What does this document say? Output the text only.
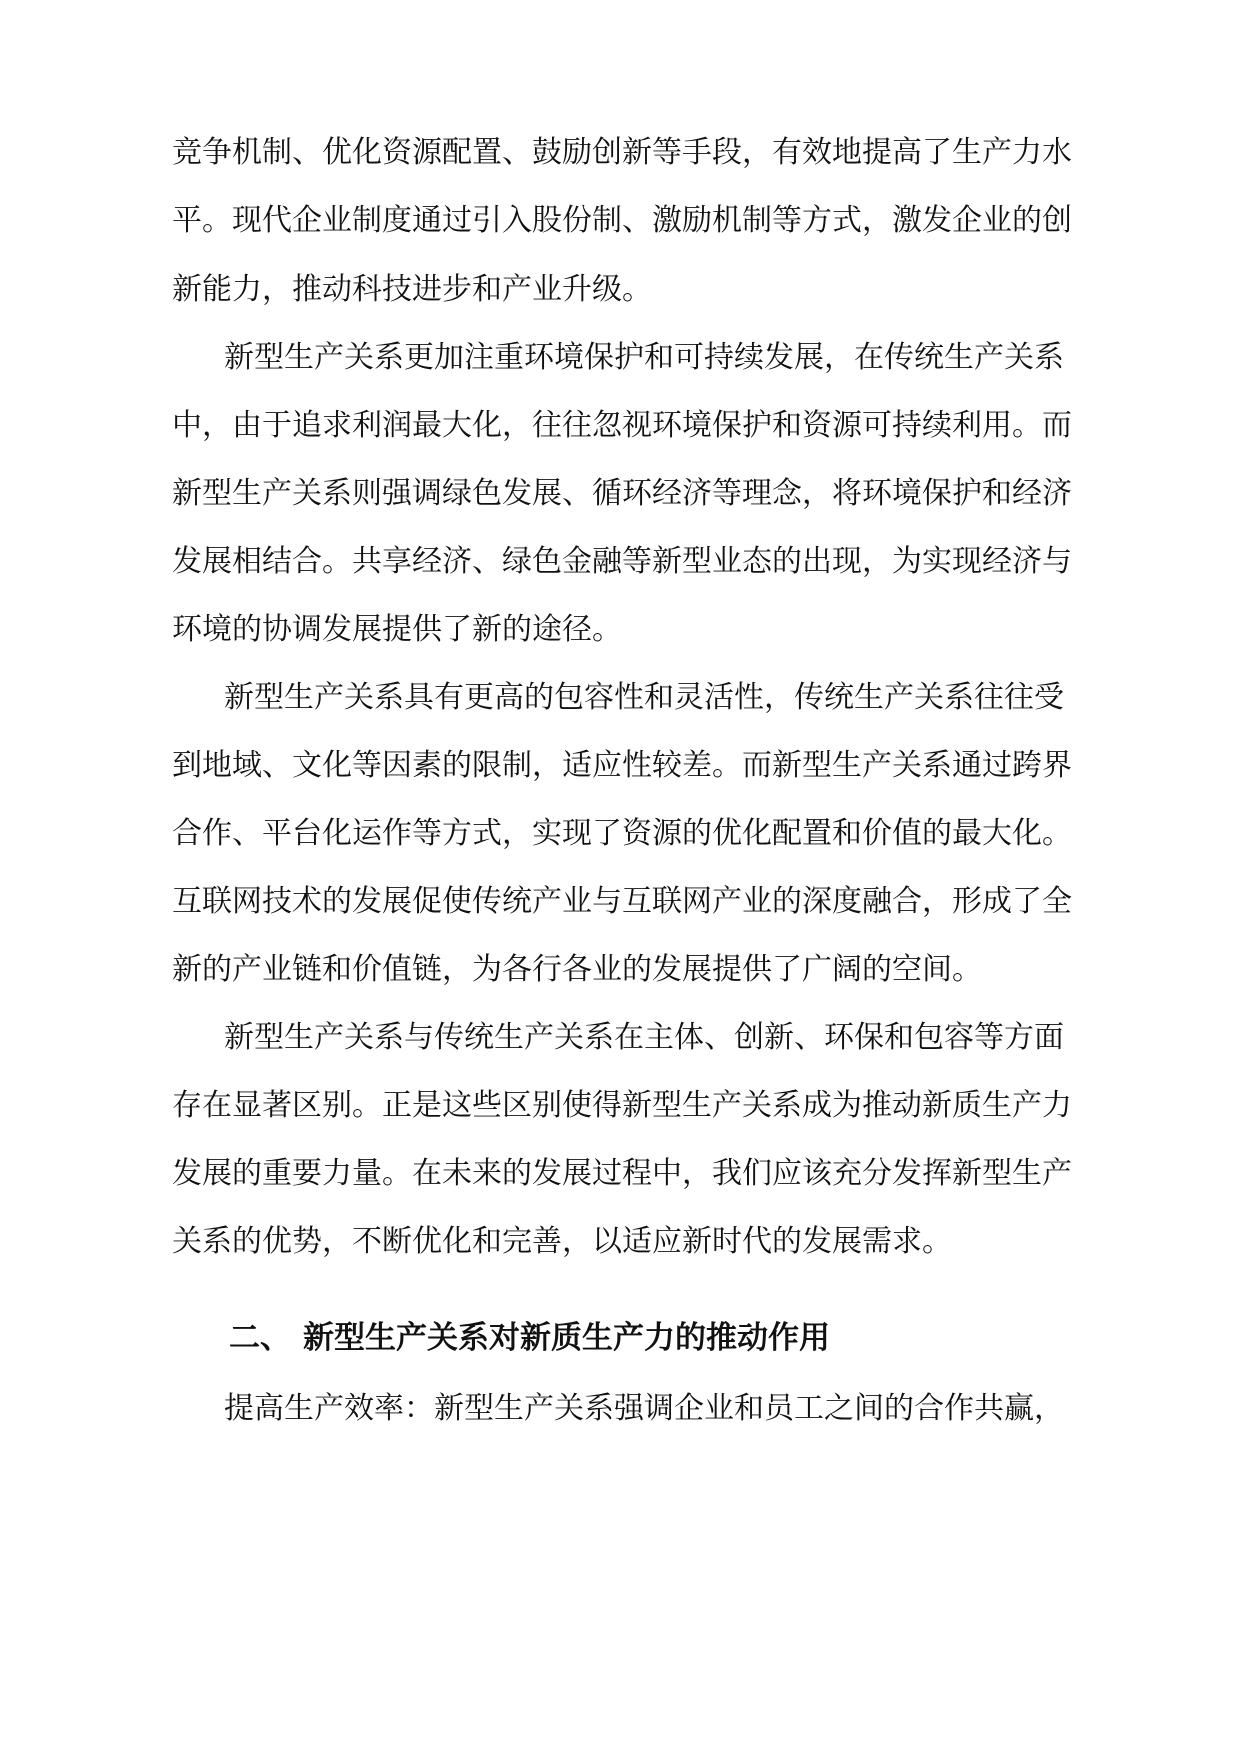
竞争机制、优化资源配置、鼓励创新等手段，有效地提高了生产力水
平。现代企业制度通过引入股份制、激励机制等方式，激发企业的创
新能力，推动科技进步和产业升级。
新型生产关系更加注重环境保护和可持续发展，在传统生产关系
中，由于追求利润最大化，往往忽视环境保护和资源可持续利用。而
新型生产关系则强调绿色发展、循环经济等理念，将环境保护和经济
发展相结合。共享经济、绿色金融等新型业态的出现，为实现经济与
环境的协调发展提供了新的途径。
新型生产关系具有更高的包容性和灵活性，传统生产关系往往受
到地域、文化等因素的限制，适应性较差。而新型生产关系通过跨界
合作、平台化运作等方式，实现了资源的优化配置和价值的最大化。
互联网技术的发展促使传统产业与互联网产业的深度融合，形成了全
新的产业链和价值链，为各行各业的发展提供了广阔的空间。
新型生产关系与传统生产关系在主体、创新、环保和包容等方面
存在显著区别。正是这些区别使得新型生产关系成为推动新质生产力
发展的重要力量。在未来的发展过程中，我们应该充分发挥新型生产
关系的优势，不断优化和完善，以适应新时代的发展需求。
二、 新型生产关系对新质生产力的推动作用
提高生产效率：新型生产关系强调企业和员工之间的合作共赢，
